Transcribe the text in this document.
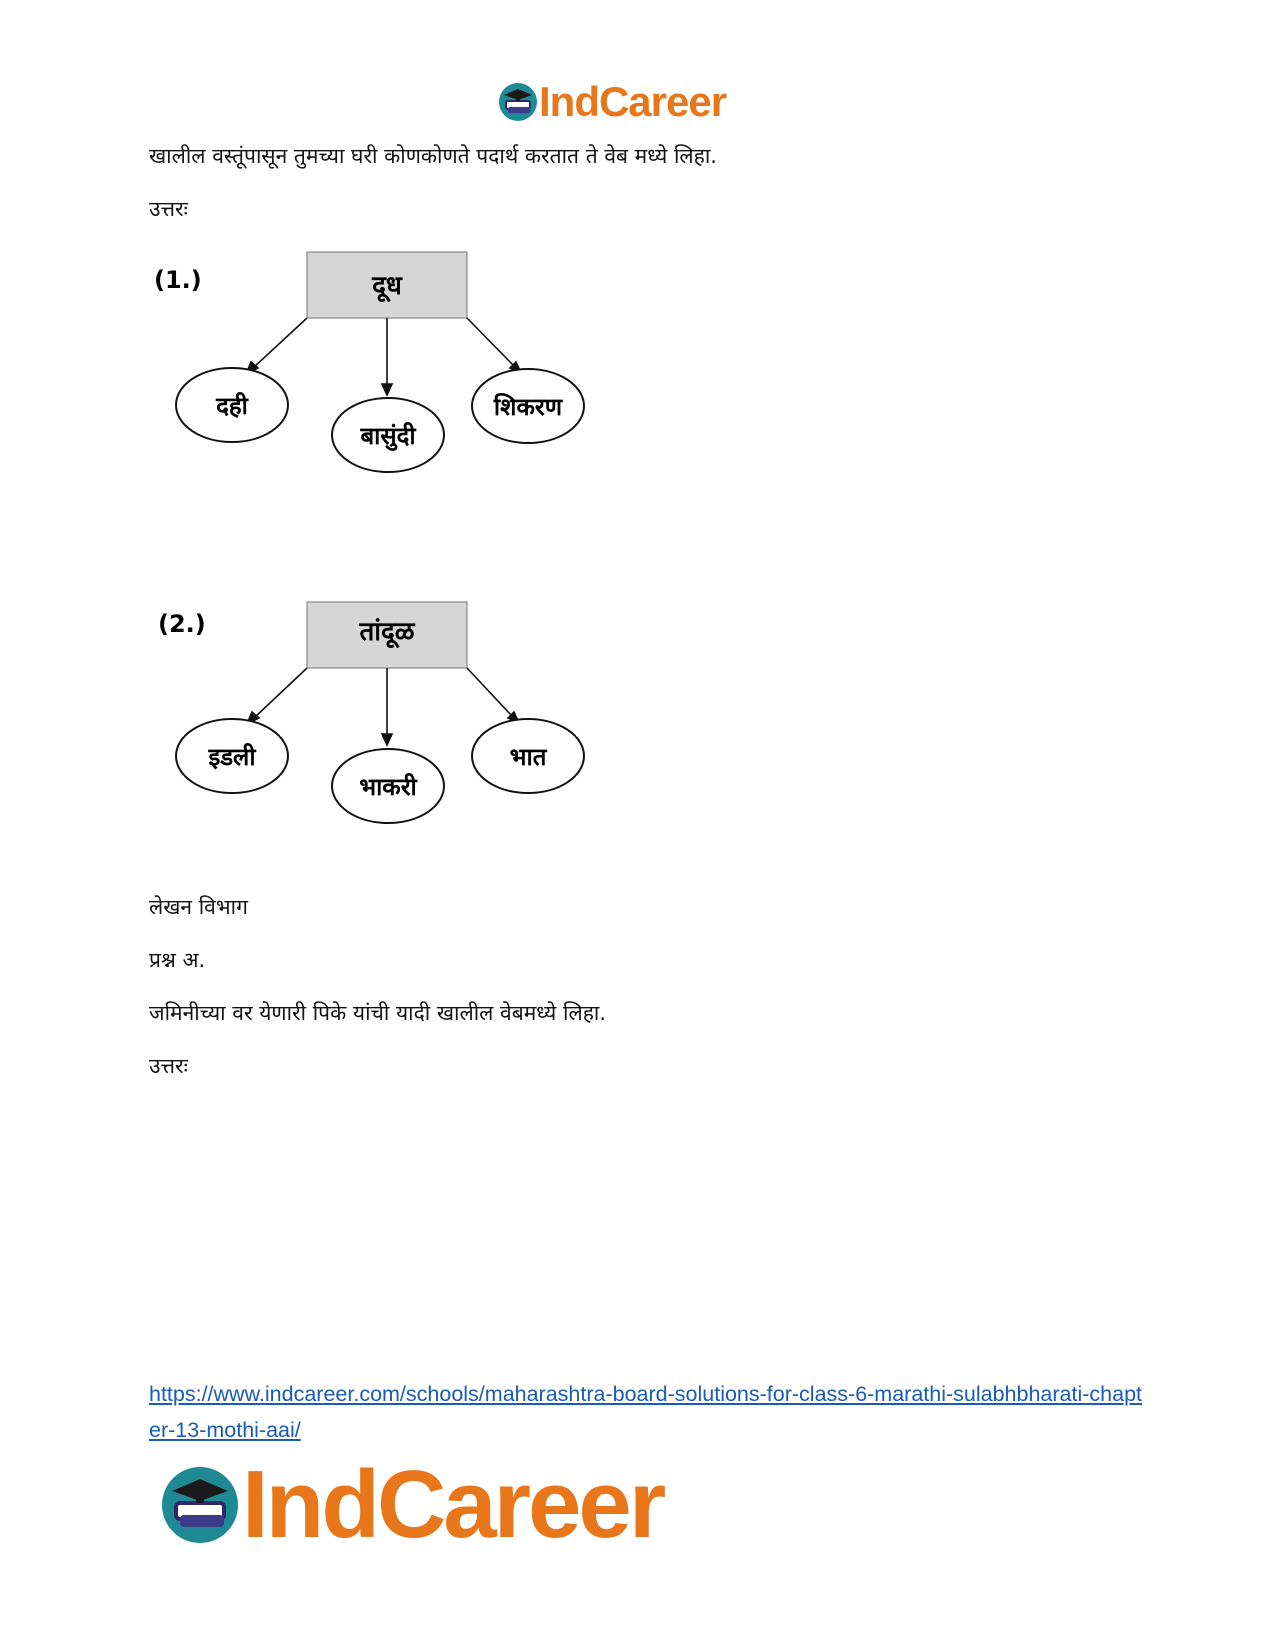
IndCareer
खालील वस्तूंपासून तुमच्या घरी कोणकोणते पदार्थ करतात ते वेब मध्ये लिहा.
उत्तरः
(1.)	दूध
दही
बासुंदी
शिकरण
(2.)	तांदूळ
इडली
भाकरी
भात
लेखन विभाग
प्रश्न अ.
जमिनीच्या वर येणारी पिके यांची यादी खालील वेबमध्ये लिहा.
उत्तरः
https://www.indcareer.com/schools/maharashtra-board-solutions-for-class-6-marathi-sulabhbharati-chapter-13-mothi-aai/
IndCareer
